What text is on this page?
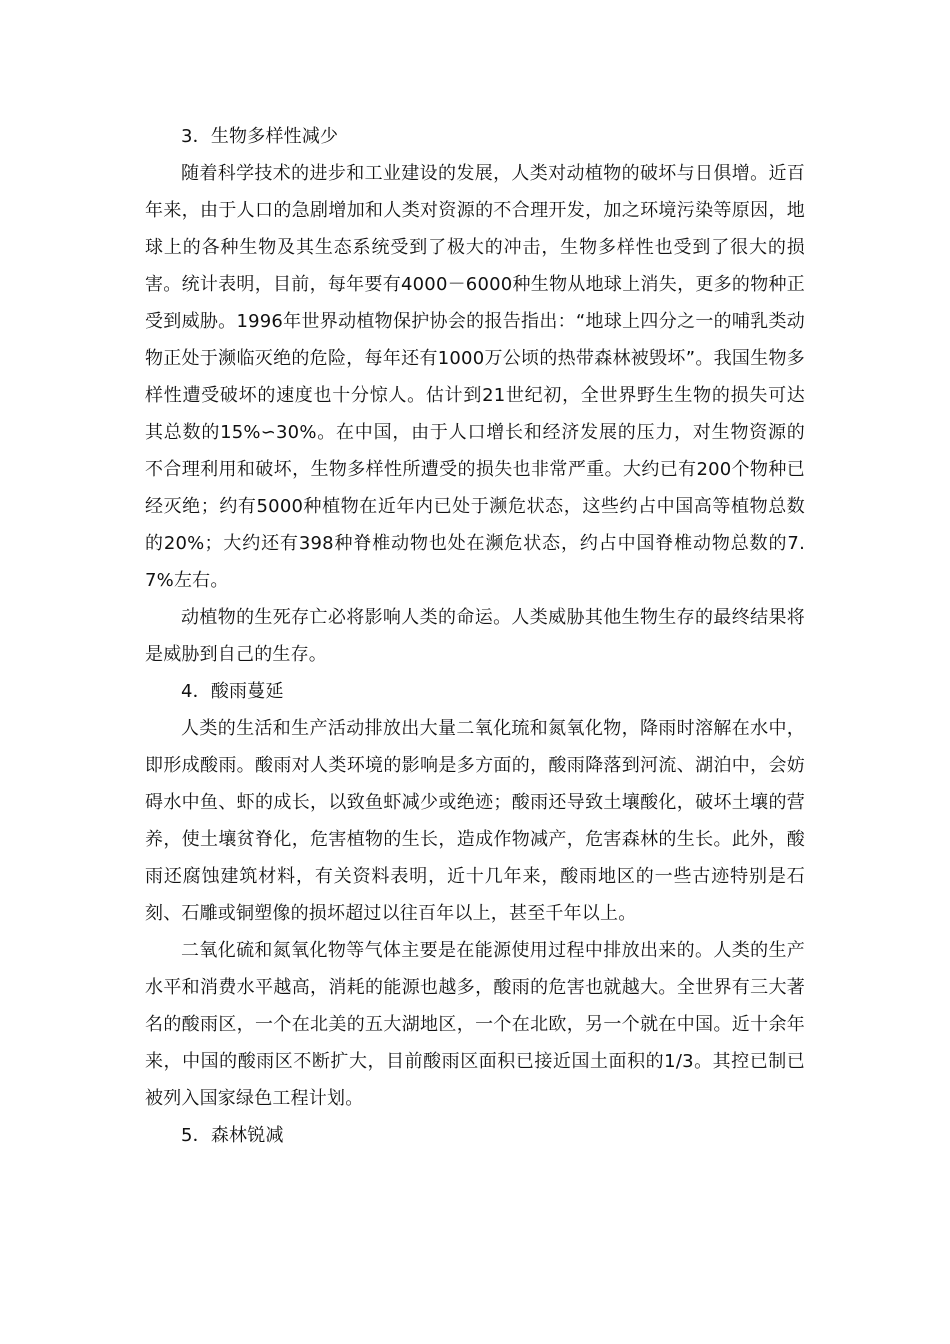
3．生物多样性减少

随着科学技术的进步和工业建设的发展，人类对动植物的破坏与日俱增。近百年来，由于人口的急剧增加和人类对资源的不合理开发，加之环境污染等原因，地球上的各种生物及其生态系统受到了极大的冲击，生物多样性也受到了很大的损害。统计表明，目前，每年要有4000－6000种生物从地球上消失，更多的物种正受到威胁。1996年世界动植物保护协会的报告指出：“地球上四分之一的哺乳类动物正处于濒临灭绝的危险，每年还有1000万公顷的热带森林被毁坏”。我国生物多样性遭受破坏的速度也十分惊人。估计到21世纪初，全世界野生生物的损失可达其总数的15%∽30%。在中国，由于人口增长和经济发展的压力，对生物资源的不合理利用和破坏，生物多样性所遭受的损失也非常严重。大约已有200个物种已经灭绝；约有5000种植物在近年内已处于濒危状态，这些约占中国高等植物总数的20%；大约还有398种脊椎动物也处在濒危状态，约占中国脊椎动物总数的7.7%左右。

动植物的生死存亡必将影响人类的命运。人类威胁其他生物生存的最终结果将是威胁到自己的生存。

4．酸雨蔓延

人类的生活和生产活动排放出大量二氧化琉和氮氧化物，降雨时溶解在水中，即形成酸雨。酸雨对人类环境的影响是多方面的，酸雨降落到河流、湖泊中，会妨碍水中鱼、虾的成长，以致鱼虾减少或绝迹；酸雨还导致土壤酸化，破坏土壤的营养，使土壤贫脊化，危害植物的生长，造成作物减产，危害森林的生长。此外，酸雨还腐蚀建筑材料，有关资料表明，近十几年来，酸雨地区的一些古迹特别是石刻、石雕或铜塑像的损坏超过以往百年以上，甚至千年以上。

二氧化硫和氮氧化物等气体主要是在能源使用过程中排放出来的。人类的生产水平和消费水平越高，消耗的能源也越多，酸雨的危害也就越大。全世界有三大著名的酸雨区，一个在北美的五大湖地区，一个在北欧，另一个就在中国。近十余年来，中国的酸雨区不断扩大，目前酸雨区面积已接近国土面积的1/3。其控已制已被列入国家绿色工程计划。

5．森林锐减
